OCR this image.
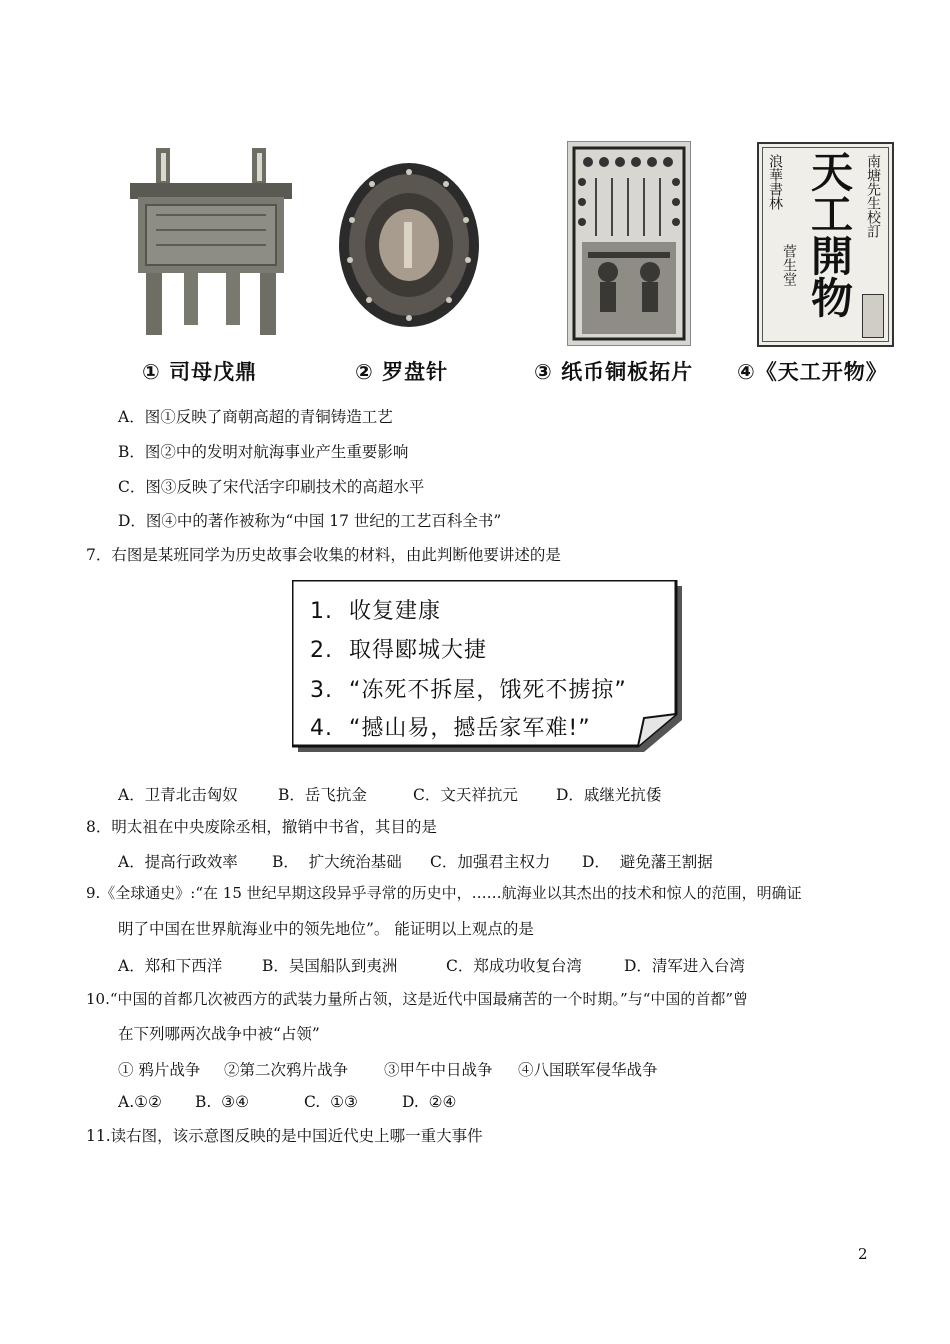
浪華書林
菅生堂 天工開物 南塘先生校訂
① 司母戊鼎	② 罗盘针	③ 纸币铜板拓片 ④《天工开物》
A．图①反映了商朝高超的青铜铸造工艺
B．图②中的发明对航海事业产生重要影响
C．图③反映了宋代活字印刷技术的高超水平
D．图④中的著作被称为“中国 17 世纪的工艺百科全书”
7．右图是某班同学为历史故事会收集的材料，由此判断他要讲述的是
1.  收复建康
2.  取得郾城大捷
3.  “冻死不拆屋，饿死不掳掠”
4.  “撼山易，撼岳家军难!”
A．卫青北击匈奴	B．岳飞抗金	C．文天祥抗元 D．戚继光抗倭
8．明太祖在中央废除丞相，撤销中书省，其目的是
A．提高行政效率 B．  扩大统治基础 C．加强君主权力 D．  避免藩王割据
9.《全球通史》:“在 15 世纪早期这段异乎寻常的历史中，……航海业以其杰出的技术和惊人的范围，明确证
明了中国在世界航海业中的领先地位”。 能证明以上观点的是
A．郑和下西洋	B．吴国船队到夷洲	C．郑成功收复台湾	D．清军进入台湾
10.“中国的首都几次被西方的武装力量所占领，这是近代中国最痛苦的一个时期。”与“中国的首都”曾
在下列哪两次战争中被“占领”
① 鸦片战争 ②第二次鸦片战争 ③甲午中日战争 ④八国联军侵华战争
A.①② B.  ③④	C.  ①③	D.  ②④
11.读右图，该示意图反映的是中国近代史上哪一重大事件
2
